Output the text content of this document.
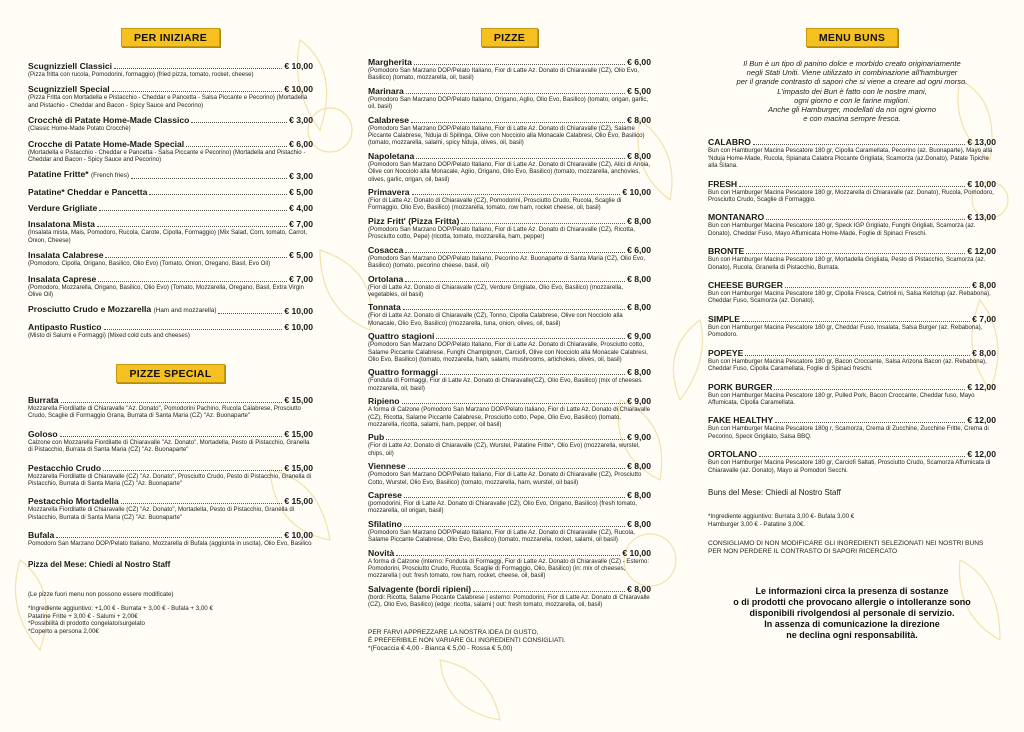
PER INIZIARE
Scugnizziell Classici	€ 10,00
(Pizza fritta con rucola, Pomodorini, formaggio) (fried pizza, tomato, rocket, cheese)
Scugnizziell Special	€ 10,00
(Pizza Fritta con Mortadella e Pistacchio - Cheddar e Pancetta - Salsa Piccante e Pecorino) (Mortadella and Pistachio - Cheddar and Bacon - Spicy Sauce and Pecorino)
Crocchè di Patate Home-Made Classico	€ 3,00
(Classic Home-Made Potato Crocchè)
Crocche di Patate Home-Made Special	€ 6,00
(Mortadella e Pistacchio - Cheddar e Pancetta - Salsa Piccante e Pecorino) (Mortadella and Pistachio - Cheddar and Bacon - Spicy Sauce and Pecorino)
Patatine Fritte* (French fries)	€ 3,00
Patatine* Cheddar e Pancetta	€ 5,00
Verdure Grigliate	€ 4,00
Insalatona Mista	€ 7,00
(Insalata mista, Mais, Pomodoro, Rucola, Carote, Cipolla, Formaggio) (Mix Salad, Corn, tomato, Carrot, Onion, Cheese)
Insalata Calabrese	€ 5,00
(Pomodoro, Cipolla, Origano, Basilico, Olio Evo) (Tomato, Onion, Oregano, Basil, Evo Oil)
Insalata Caprese	€ 7,00
(Pomodoro, Mozzarella, Origano, Basilico, Olio Evo) (Tomato, Mozzarella, Oregano, Basil, Extra Virgin Olive Oil)
Prosciutto Crudo e Mozzarella (Ham and mozzarella)	€ 10,00
Antipasto Rustico	€ 10,00
(Misto di Salumi e Formaggi) (Mixed cold cuts and cheeses)
PIZZE SPECIAL
Burrata	€ 15,00
Mozzarella Fiordilatte di Chiaravalle "Az. Donato", Pomodorini Pachino, Rucola Calabrese, Prosciutto Crudo, Scaglie di Formaggio Grana, Burrata di Santa Maria (CZ) "Az. Buonaparte"
Goloso	€ 15,00
Calzone con Mozzarella Fiordilatte di Chiaravalle "Az. Donato", Mortadella, Pesto di Pistacchio, Granella di Pistacchio, Burrata di Santa Maria (CZ) "Az. Buonaparte"
Pestacchio Crudo	€ 15,00
Mozzarella Fiordilatte di Chiaravalle (CZ) "Az. Donato", Prosciutto Crudo, Pesto di Pistacchio, Granella di Pistacchio, Burrata di Santa Maria (CZ) "Az. Buonaparte"
Pestacchio Mortadella	€ 15,00
Mozzarella Fiordilatte di Chiaravalle (CZ) "Az. Donato", Mortadella, Pesto di Pistacchio, Granella di Pistacchio, Burrata di Santa Maria (CZ) "Az. Buonaparte"
Bufala	€ 10,00
Pomodoro San Marzano DOP/Pelato Italiano, Mozzarella di Bufala (aggiunta in uscita), Olio Evo, Basilico
Pizza del Mese: Chiedi al Nostro Staff
(Le pizze fuori menu non possono essere modificate)
*Ingrediente aggiuntivo: +1,00 € - Burrata + 3,00 € - Bufala + 3,00 €
Patatine Fritte + 3,00 € - Salumi + 2,00€
*Possibilità di prodotto congelato/surgelato
*Coperto a persona 2,00€
PIZZE
Margherita	€ 6,00
(Pomodoro San Marzano DOP/Pelato Italiano, Fior di Latte Az. Donato di Chiaravalle (CZ), Olio Evo, Basilico) (tomato, mozzarella, oil, basil)
Marinara	€ 5,00
(Pomodoro San Marzano DOP/Pelato Italiano, Origano, Aglio, Olio Evo, Basilico) (tomato, origan, garlic, oil, basil)
Calabrese	€ 8,00
(Pomodoro San Marzano DOP/Pelato Italiano, Fior di Latte Az. Donato di Chiaravalle (CZ), Salame Piccante Calabrese, 'Nduja di Spilinga, Olive con Nocciolo alla Monacale Calabresi, Olio Evo, Basilico) (tomato, mozzarella, salami, spicy Nduja, olives, oil, basil)
Napoletana	€ 8,00
(Pomodoro San Marzano DOP/Pelato Italiano, Fior di Latte Az. Donato di Chiaravalle (CZ), Alici di Anoia, Olive con Nocciolo alla Monacale, Aglio, Origano, Olio Evo, Basilico) (tomato, mozzarella, anchovies, olives, garlic, origan, oil, basil)
Primavera	€ 10,00
(Fior di Latte Az. Donato di Chiaravalle (CZ), Pomodorini, Prosciutto Crudo, Rucola, Scaglie di Formaggio, Olio Evo, Basilico) (mozzarella, tomato, row ham, rocket cheese, oil, basil)
Pizz Fritt' (Pizza Fritta)	€ 8,00
(Pomodoro San Marzano DOP/Pelato Italiano, Fior di Latte Az. Donato di Chiaravalle (CZ), Ricotta, Prosciutto cotto, Pepe) (ricotta, tomato, mozzarella, ham, pepper)
Cosacca	€ 6,00
(Pomodoro San Marzano DOP/Pelato Italiano, Pecorino Az. Buonaparte di Santa Maria (CZ), Olio Evo, Basilico) (tomato, pecorino cheese, basil, oil)
Ortolana	€ 8,00
(Fior di Latte Az. Donato di Chiaravalle (CZ), Verdure Grigliate, Olio Evo, Basilico) (mozzarella, vegetables, oil basil)
Tonnata	€ 8,00
(Fior di Latte Az. Donato di Chiaravalle (CZ), Tonno, Cipolla Calabrese, Olive con Nocciolo alla Monacale, Olio Evo, Basilico) (mozzarella, tuna, onion, olives, oil, basil)
Quattro stagioni	€ 9,00
(Pomodoro San Marzano DOP/Pelato Italiano, Fior di Latte Az. Donato di Chiaravalle, Prosciutto cotto, Salame Piccante Calabrese, Funghi Champignon, Carciofi, Olive con Nocciolo alla Monacale Calabresi, Olio Evo, Basilico) (tomato, mozzarella, ham, salami, mushrooms, artichokes, olives, oil, basil)
Quattro formaggi	€ 8,00
(Fonduta di Formaggi, Fior di Latte Az. Donato di Chiaravalle(CZ), Olio Evo, Basilico) (mix of cheeses. mozzarella, oil, basil)
Ripieno	€ 9,00
A forma di Calzone (Pomodoro San Marzano DOP/Pelato Italiano, Fior di Latte Az. Donato di Chiaravalle (CZ), Ricotta, Salame Piccante Calabrese, Prosciutto cotto, Pepe, Olio Evo, Basilico) (tomato, mozzarella, ricotta, salami, ham, pepper, oil basil)
Pub	€ 9,00
(Fior di Latte Az. Donato di Chiaravalle (CZ), Wurstel, Patatine Fritte*, Olio Evo) (mozzarella, wurstel, chips, oil)
Viennese	€ 8,00
(Pomodoro San Marzano DOP/Pelato Italiano, Fior di Latte Az. Donato di Chiaravalle (CZ), Prosciutto Cotto, Wurstel, Olio Evo, Basilico) (tomato, mozzarella, ham, wurstel, oil basil)
Caprese	€ 8,00
(pomodorini, Fior di Latte Az. Donato di Chiaravalle (CZ), Olio Evo, Origano, Basilico) (fresh tomato, mozzarella, oil origan, basil)
Sfilatino	€ 8,00
(Pomodoro San Marzano DOP/Pelato Italiano, Fior di Latte Az. Donato di Chiaravalle (CZ), Rucola, Salame Piccante Calabrese, Olio Evo, Basilico) (tomato, mozzarella, rocket, salami, oil basil)
Novità	€ 10,00
A forma di Calzone (interno: Fonduta di Formaggi, Fior di Latte Az. Donato di Chiaravalle (CZ) - Esterno: Pomodorini, Prosciutto Crudo, Rucola, Scaglie di Formaggio, Olio, Basilico) (in: mix of cheeses, mozzarella | out: fresh tomato, row ham, rocket, cheese, oil, basil)
Salvagente (bordi ripieni)	€ 8,00
(bordi: Ricotta, Salame Piccante Calabrese | esterno: Pomodorini, Fior di Latte Az. Donato di Chiaravalle (CZ), Olio Evo, Basilico) (edge: ricotta, salami | out: fresh tomato, mozzarella, oil, basil)
PER FARVI APPREZZARE LA NOSTRA IDEA DI GUSTO,
È PREFERIBILE NON VARIARE GLI INGREDIENTI CONSIGLIATI.
*(Focaccia € 4,00 - Bianca € 5,00 - Rossa € 5,00)
MENU BUNS
Il Bun è un tipo di panino dolce e morbido creato originariamente
negli Stati Uniti. Viene utilizzato in combinazione all'hamburger
per il grande contrasto di sapori che si viene a creare ad ogni morso.
L'impasto dei Bun è fatto con le nostre mani,
ogni giorno e con le farine migliori.
Anche gli Hamburger, modellati da noi ogni giorno
e con macina sempre fresca.
CALABRO	€ 13,00
Bun con Hamburger Macina Pescatore 180 gr, Cipolla Caramellata, Pecorino (az. Buonaparte), Mayo alla 'Nduja Home-Made, Rucola, Spianata Calabra Piccante Grigliata, Scamorza (az.Donato), Patate Tipiche alla Silana.
FRESH	€ 10,00
Bun con Hamburger Macina Pescatore 180 gr, Mozzarella di Chiaravalle (az. Donato), Rucola, Pomodoro, Prosciutto Crudo, Scaglie di Formaggio.
MONTANARO	€ 13,00
Bun con Hamburger Macina Pescatore 180 gr, Speck IGP Grigliato, Funghi Grigliati, Scamorza (az. Donato), Cheddar Fuso, Mayo Affumicata Home-Made, Foglie di Spinaci Freschi.
BRONTE	€ 12,00
Bun con Hamburger Macina Pescatore 180 gr, Mortadella Grigliata, Pesto di Pistacchio, Scamorza (az. Donato), Rucola, Granella di Pistacchio, Burrata.
CHEESE BURGER	€ 8,00
Bun con Hamburger Macina Pescatore 180 gr, Cipolla Fresca, Cetrioli ni, Salsa Ketchup (az. Rebabona), Cheddar Fuso, Scamorza (az. Donato).
SIMPLE	€ 7,00
Bun con Hamburger Macina Pescatore 180 gr, Cheddar Fuso, Insalata, Salsa Burger (az. Rebabona), Pomodoro.
POPEYE	€ 8,00
Bun con Hamburger Macina Pescatore 180 gr, Bacon Croccante, Salsa Arizona Bacon (az. Rebabona), Cheddar Fuso, Cipolla Caramellata, Foglie di Spinaci freschi.
PORK BURGER	€ 12,00
Bun con Hamburger Macina Pescatore 180 gr, Pulled Pork, Bacon Croccante, Cheddar fuso, Mayo Affumicata, Cipolla Caramellata.
FAKE HEALTHY	€ 12,00
Bun con Hamburger Macina Pescatore 180g r, Scamorza, Crema di Zucchine, Zucchine Fritte, Crema di Pecorino, Speck Grigliato, Salsa BBQ.
ORTOLANO	€ 12,00
Bun con Hamburger Macina Pescatore 180 gr, Carciofi Saltati, Prosciutto Crudo, Scamorza Affumicata di Chiaravalle (az. Donato), Mayo ai Pomodori Secchi.
Buns del Mese: Chiedi al Nostro Staff
*Ingrediente aggiuntivo: Burrata 3,00 €- Bufala 3,00 €
Hamburger 3,00 € - Patatine 3,00€.
CONSIGLIAMO DI NON MODIFICARE GLI INGREDIENTI SELEZIONATI NEI NOSTRI BUNS
PER NON PERDERE IL CONTRASTO DI SAPORI RICERCATO
Le informazioni circa la presenza di sostanze
o di prodotti che provocano allergie o intolleranze sono
disponibili rivolgendosi al personale di servizio.
In assenza di comunicazione la direzione
ne declina ogni responsabilità.
